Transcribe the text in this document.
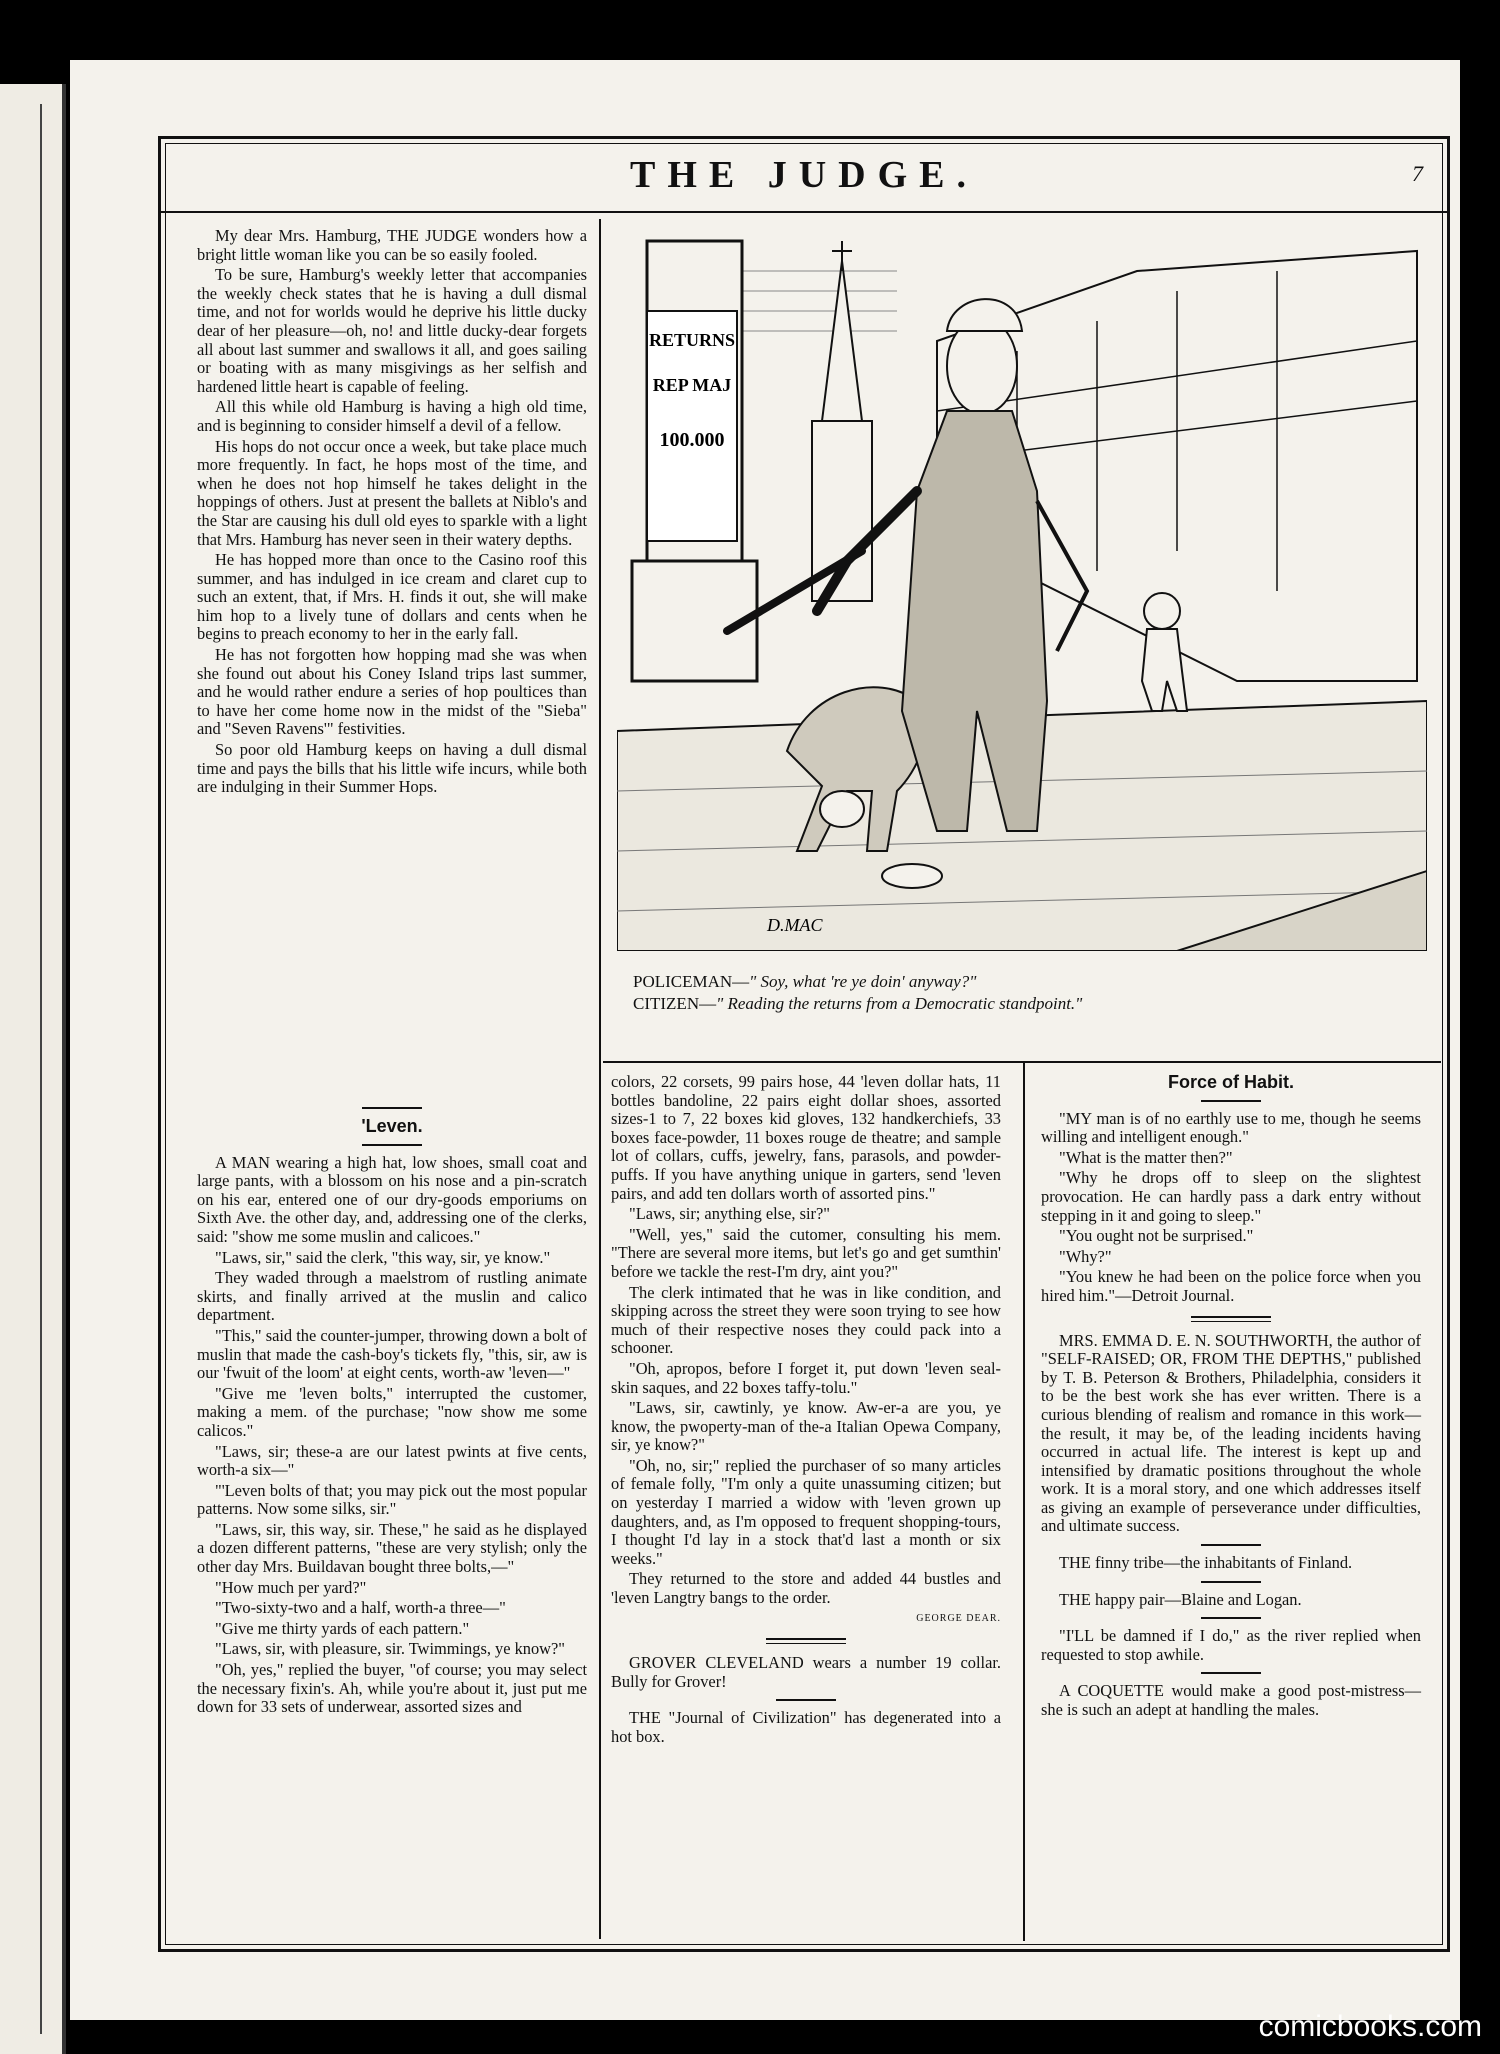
THE JUDGE.	7

My dear Mrs. Hamburg, THE JUDGE wonders how a bright little woman like you can be so easily fooled.

To be sure, Hamburg's weekly letter that accompanies the weekly check states that he is having a dull dismal time, and not for worlds would he deprive his little ducky dear of her pleasure—oh, no! and little ducky-dear forgets all about last summer and swallows it all, and goes sailing or boating with as many misgivings as her selfish and hardened little heart is capable of feeling.

All this while old Hamburg is having a high old time, and is beginning to consider himself a devil of a fellow.

His hops do not occur once a week, but take place much more frequently. In fact, he hops most of the time, and when he does not hop himself he takes delight in the hoppings of others. Just at present the ballets at Niblo's and the Star are causing his dull old eyes to sparkle with a light that Mrs. Hamburg has never seen in their watery depths.

He has hopped more than once to the Casino roof this summer, and has indulged in ice cream and claret cup to such an extent, that, if Mrs. H. finds it out, she will make him hop to a lively tune of dollars and cents when he begins to preach economy to her in the early fall.

He has not forgotten how hopping mad she was when she found out about his Coney Island trips last summer, and he would rather endure a series of hop poultices than to have her come home now in the midst of the "Sieba" and "Seven Ravens'" festivities.

So poor old Hamburg keeps on having a dull dismal time and pays the bills that his little wife incurs, while both are indulging in their Summer Hops.

'Leven.

A MAN wearing a high hat, low shoes, small coat and large pants, with a blossom on his nose and a pin-scratch on his ear, entered one of our dry-goods emporiums on Sixth Ave. the other day, and, addressing one of the clerks, said: "show me some muslin and calicoes."

"Laws, sir," said the clerk, "this way, sir, ye know."

They waded through a maelstrom of rustling animate skirts, and finally arrived at the muslin and calico department.

"This," said the counter-jumper, throwing down a bolt of muslin that made the cash-boy's tickets fly, "this, sir, aw is our 'fwuit of the loom' at eight cents, worth-aw 'leven—"

"Give me 'leven bolts," interrupted the customer, making a mem. of the purchase; "now show me some calicos."

"Laws, sir; these-a are our latest pwints at five cents, worth-a six—"

"'Leven bolts of that; you may pick out the most popular patterns. Now some silks, sir."

"Laws, sir, this way, sir. These," he said as he displayed a dozen different patterns, "these are very stylish; only the other day Mrs. Buildavan bought three bolts,—"

"How much per yard?"

"Two-sixty-two and a half, worth-a three—"

"Give me thirty yards of each pattern."

"Laws, sir, with pleasure, sir. Twimmings, ye know?"

"Oh, yes," replied the buyer, "of course; you may select the necessary fixin's. Ah, while you're about it, just put me down for 33 sets of underwear, assorted sizes and

RETURNS
REP MAJ
100.000
D.MAC
POLICEMAN—" Soy, what 're ye doin' anyway?"
CITIZEN—" Reading the returns from a Democratic standpoint."

colors, 22 corsets, 99 pairs hose, 44 'leven dollar hats, 11 bottles bandoline, 22 pairs eight dollar shoes, assorted sizes-1 to 7, 22 boxes kid gloves, 132 handkerchiefs, 33 boxes face-powder, 11 boxes rouge de theatre; and sample lot of collars, cuffs, jewelry, fans, parasols, and powder-puffs. If you have anything unique in garters, send 'leven pairs, and add ten dollars worth of assorted pins."

"Laws, sir; anything else, sir?"

"Well, yes," said the cutomer, consulting his mem. "There are several more items, but let's go and get sumthin' before we tackle the rest-I'm dry, aint you?"

The clerk intimated that he was in like condition, and skipping across the street they were soon trying to see how much of their respective noses they could pack into a schooner.

"Oh, apropos, before I forget it, put down 'leven seal-skin saques, and 22 boxes taffy-tolu."

"Laws, sir, cawtinly, ye know. Aw-er-a are you, ye know, the pwoperty-man of the-a Italian Opewa Company, sir, ye know?"

"Oh, no, sir;" replied the purchaser of so many articles of female folly, "I'm only a quite unassuming citizen; but on yesterday I married a widow with 'leven grown up daughters, and, as I'm opposed to frequent shopping-tours, I thought I'd lay in a stock that'd last a month or six weeks."

They returned to the store and added 44 bustles and 'leven Langtry bangs to the order.

GEORGE DEAR.

GROVER CLEVELAND wears a number 19 collar. Bully for Grover!

THE "Journal of Civilization" has degenerated into a hot box.

Force of Habit.

"MY man is of no earthly use to me, though he seems willing and intelligent enough."

"What is the matter then?"

"Why he drops off to sleep on the slightest provocation. He can hardly pass a dark entry without stepping in it and going to sleep."

"You ought not be surprised."

"Why?"

"You knew he had been on the police force when you hired him."—Detroit Journal.

MRS. EMMA D. E. N. SOUTHWORTH, the author of "SELF-RAISED; OR, FROM THE DEPTHS," published by T. B. Peterson & Brothers, Philadelphia, considers it to be the best work she has ever written. There is a curious blending of realism and romance in this work—the result, it may be, of the leading incidents having occurred in actual life. The interest is kept up and intensified by dramatic positions throughout the whole work. It is a moral story, and one which addresses itself as giving an example of perseverance under difficulties, and ultimate success.

THE finny tribe—the inhabitants of Finland.

THE happy pair—Blaine and Logan.

"I'LL be damned if I do," as the river replied when requested to stop awhile.

A COQUETTE would make a good post-mistress—she is such an adept at handling the males.

comicbooks.com
